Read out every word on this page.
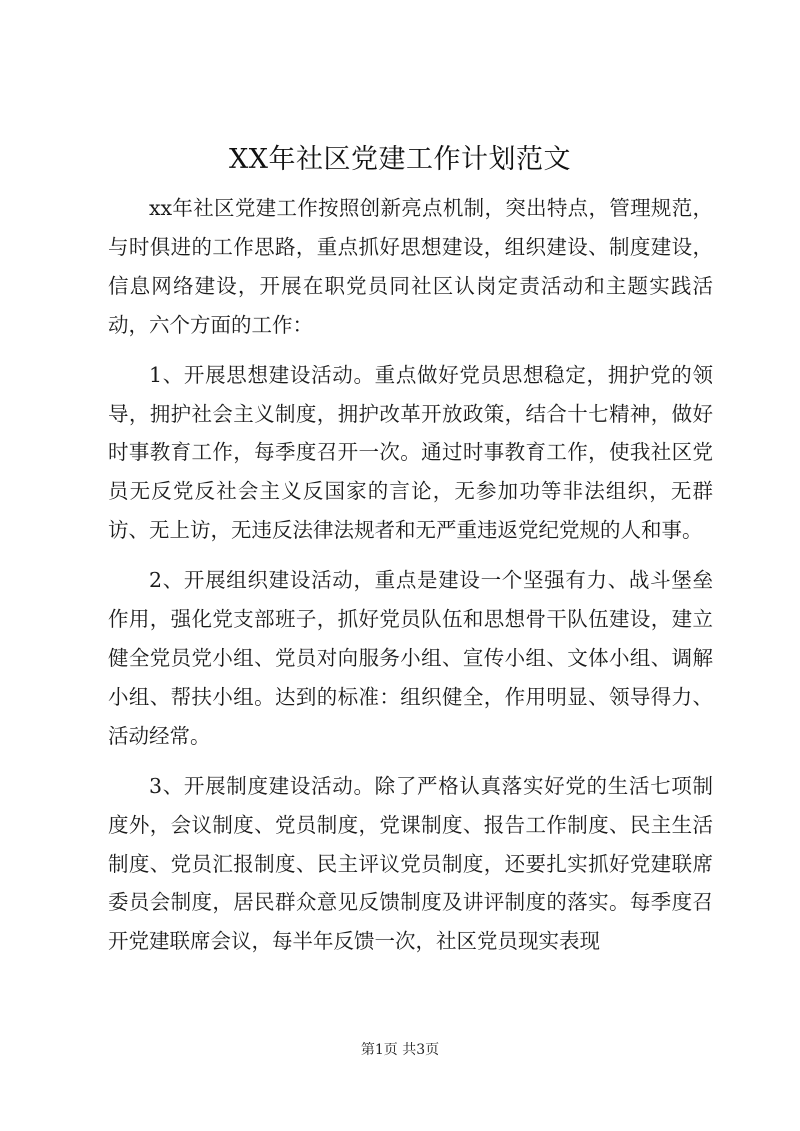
XX年社区党建工作计划范文

xx年社区党建工作按照创新亮点机制，突出特点，管理规范，与时俱进的工作思路，重点抓好思想建设，组织建设、制度建设，信息网络建设，开展在职党员同社区认岗定责活动和主题实践活动，六个方面的工作：

1、开展思想建设活动。重点做好党员思想稳定，拥护党的领导，拥护社会主义制度，拥护改革开放政策，结合十七精神，做好时事教育工作，每季度召开一次。通过时事教育工作，使我社区党员无反党反社会主义反国家的言论，无参加功等非法组织，无群访、无上访，无违反法律法规者和无严重违返党纪党规的人和事。

2、开展组织建设活动，重点是建设一个坚强有力、战斗堡垒作用，强化党支部班子，抓好党员队伍和思想骨干队伍建设，建立健全党员党小组、党员对向服务小组、宣传小组、文体小组、调解小组、帮扶小组。达到的标准：组织健全，作用明显、领导得力、活动经常。

3、开展制度建设活动。除了严格认真落实好党的生活七项制度外，会议制度、党员制度，党课制度、报告工作制度、民主生活制度、党员汇报制度、民主评议党员制度，还要扎实抓好党建联席委员会制度，居民群众意见反馈制度及讲评制度的落实。每季度召开党建联席会议，每半年反馈一次，社区党员现实表现

第1页 共3页
